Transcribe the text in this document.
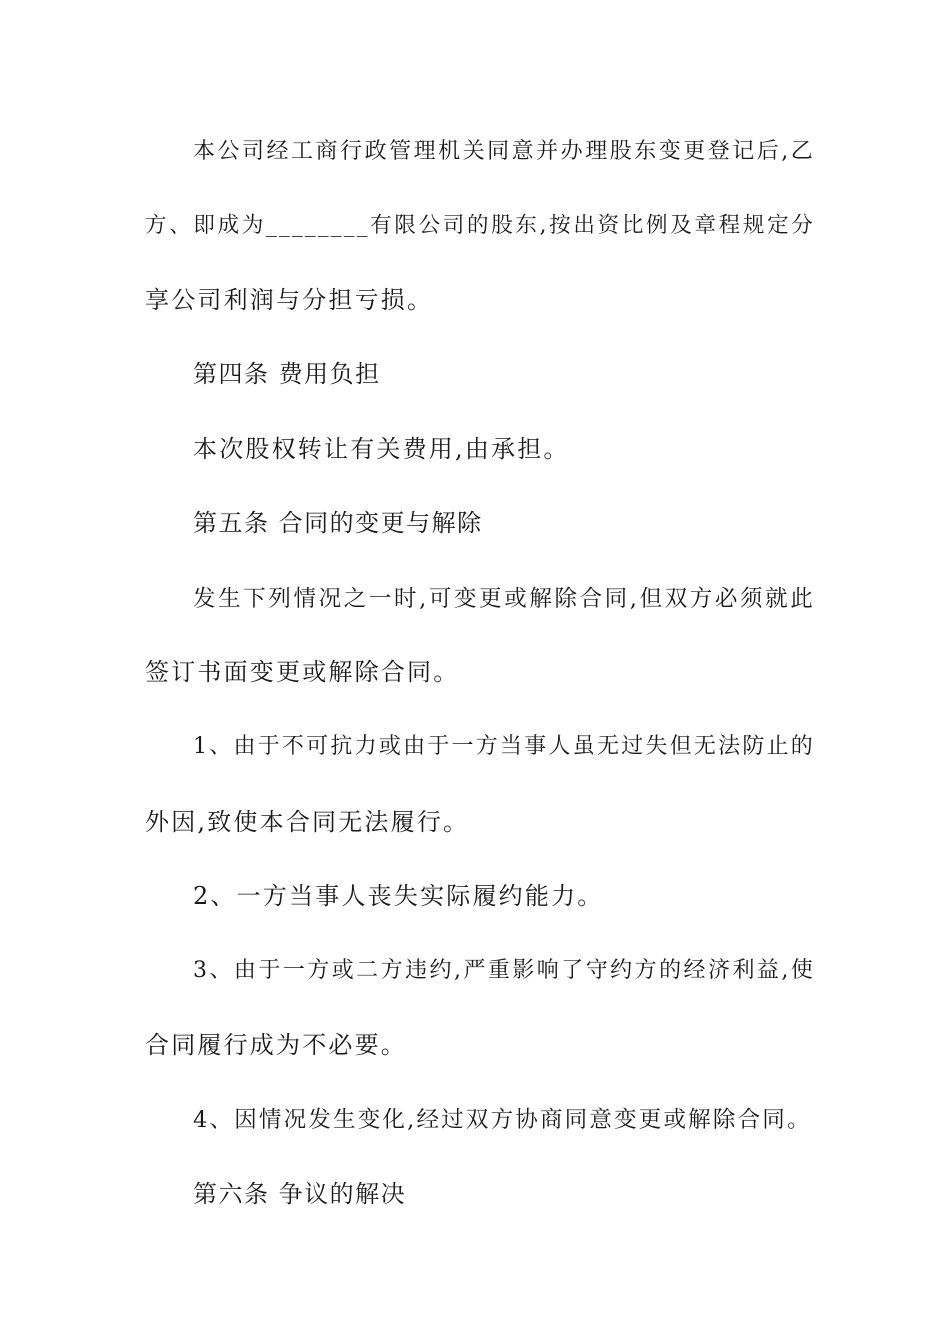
本公司经工商行政管理机关同意并办理股东变更登记后,乙
方、即成为________有限公司的股东,按出资比例及章程规定分
享公司利润与分担亏损。
第四条 费用负担
本次股权转让有关费用,由承担。
第五条 合同的变更与解除
发生下列情况之一时,可变更或解除合同,但双方必须就此
签订书面变更或解除合同。
1、由于不可抗力或由于一方当事人虽无过失但无法防止的
外因,致使本合同无法履行。
2、一方当事人丧失实际履约能力。
3、由于一方或二方违约,严重影响了守约方的经济利益,使
合同履行成为不必要。
4、因情况发生变化,经过双方协商同意变更或解除合同。
第六条 争议的解决
